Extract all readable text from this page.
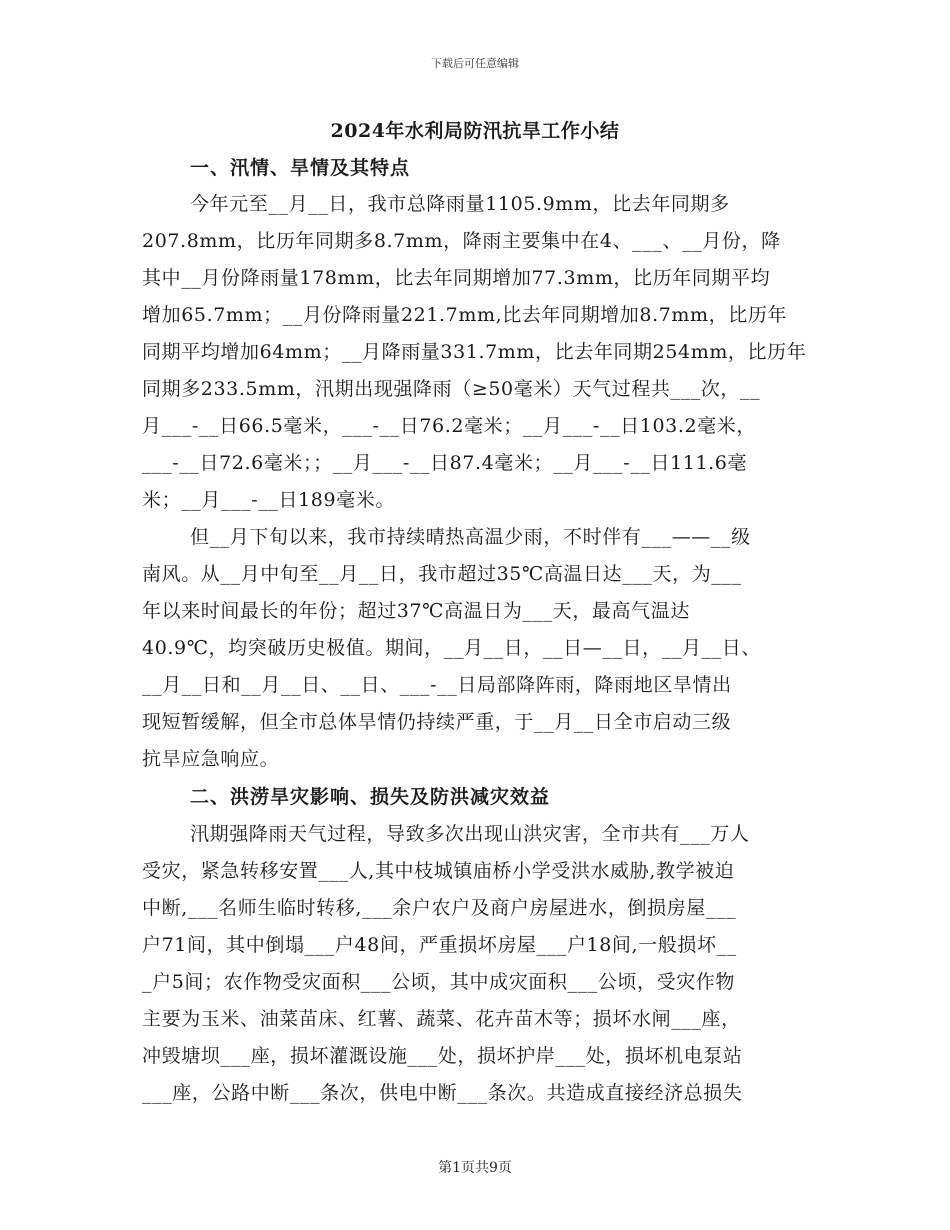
下载后可任意编辑
2024年水利局防汛抗旱工作小结
一、汛情、旱情及其特点
今年元至__月__日，我市总降雨量1105.9mm，比去年同期多
207.8mm，比历年同期多8.7mm，降雨主要集中在4、___、__月份，降
其中__月份降雨量178mm，比去年同期增加77.3mm，比历年同期平均
增加65.7mm；__月份降雨量221.7mm,比去年同期增加8.7mm，比历年
同期平均增加64mm；__月降雨量331.7mm，比去年同期254mm，比历年
同期多233.5mm，汛期出现强降雨（≥50毫米）天气过程共___次，__
月___-__日66.5毫米，___-__日76.2毫米；__月___-__日103.2毫米，
___-__日72.6毫米；；__月___-__日87.4毫米；__月___-__日111.6毫
米；__月___-__日189毫米。
但__月下旬以来，我市持续晴热高温少雨，不时伴有___——__级
南风。从__月中旬至__月__日，我市超过35℃高温日达___天，为___
年以来时间最长的年份；超过37℃高温日为___天，最高气温达
40.9℃，均突破历史极值。期间，__月__日，__日—__日，__月__日、
__月__日和__月__日、__日、___-__日局部降阵雨，降雨地区旱情出
现短暂缓解，但全市总体旱情仍持续严重，于__月__日全市启动三级
抗旱应急响应。
二、洪涝旱灾影响、损失及防洪减灾效益
汛期强降雨天气过程，导致多次出现山洪灾害，全市共有___万人
受灾，紧急转移安置___人,其中枝城镇庙桥小学受洪水威胁,教学被迫
中断,___名师生临时转移,___余户农户及商户房屋进水，倒损房屋___
户71间，其中倒塌___户48间，严重损坏房屋___户18间,一般损坏__
_户5间；农作物受灾面积___公顷，其中成灾面积___公顷，受灾作物
主要为玉米、油菜苗床、红薯、蔬菜、花卉苗木等；损坏水闸___座，
冲毁塘坝___座，损坏灌溉设施___处，损坏护岸___处，损坏机电泵站
___座，公路中断___条次，供电中断___条次。共造成直接经济总损失
第1页共9页
